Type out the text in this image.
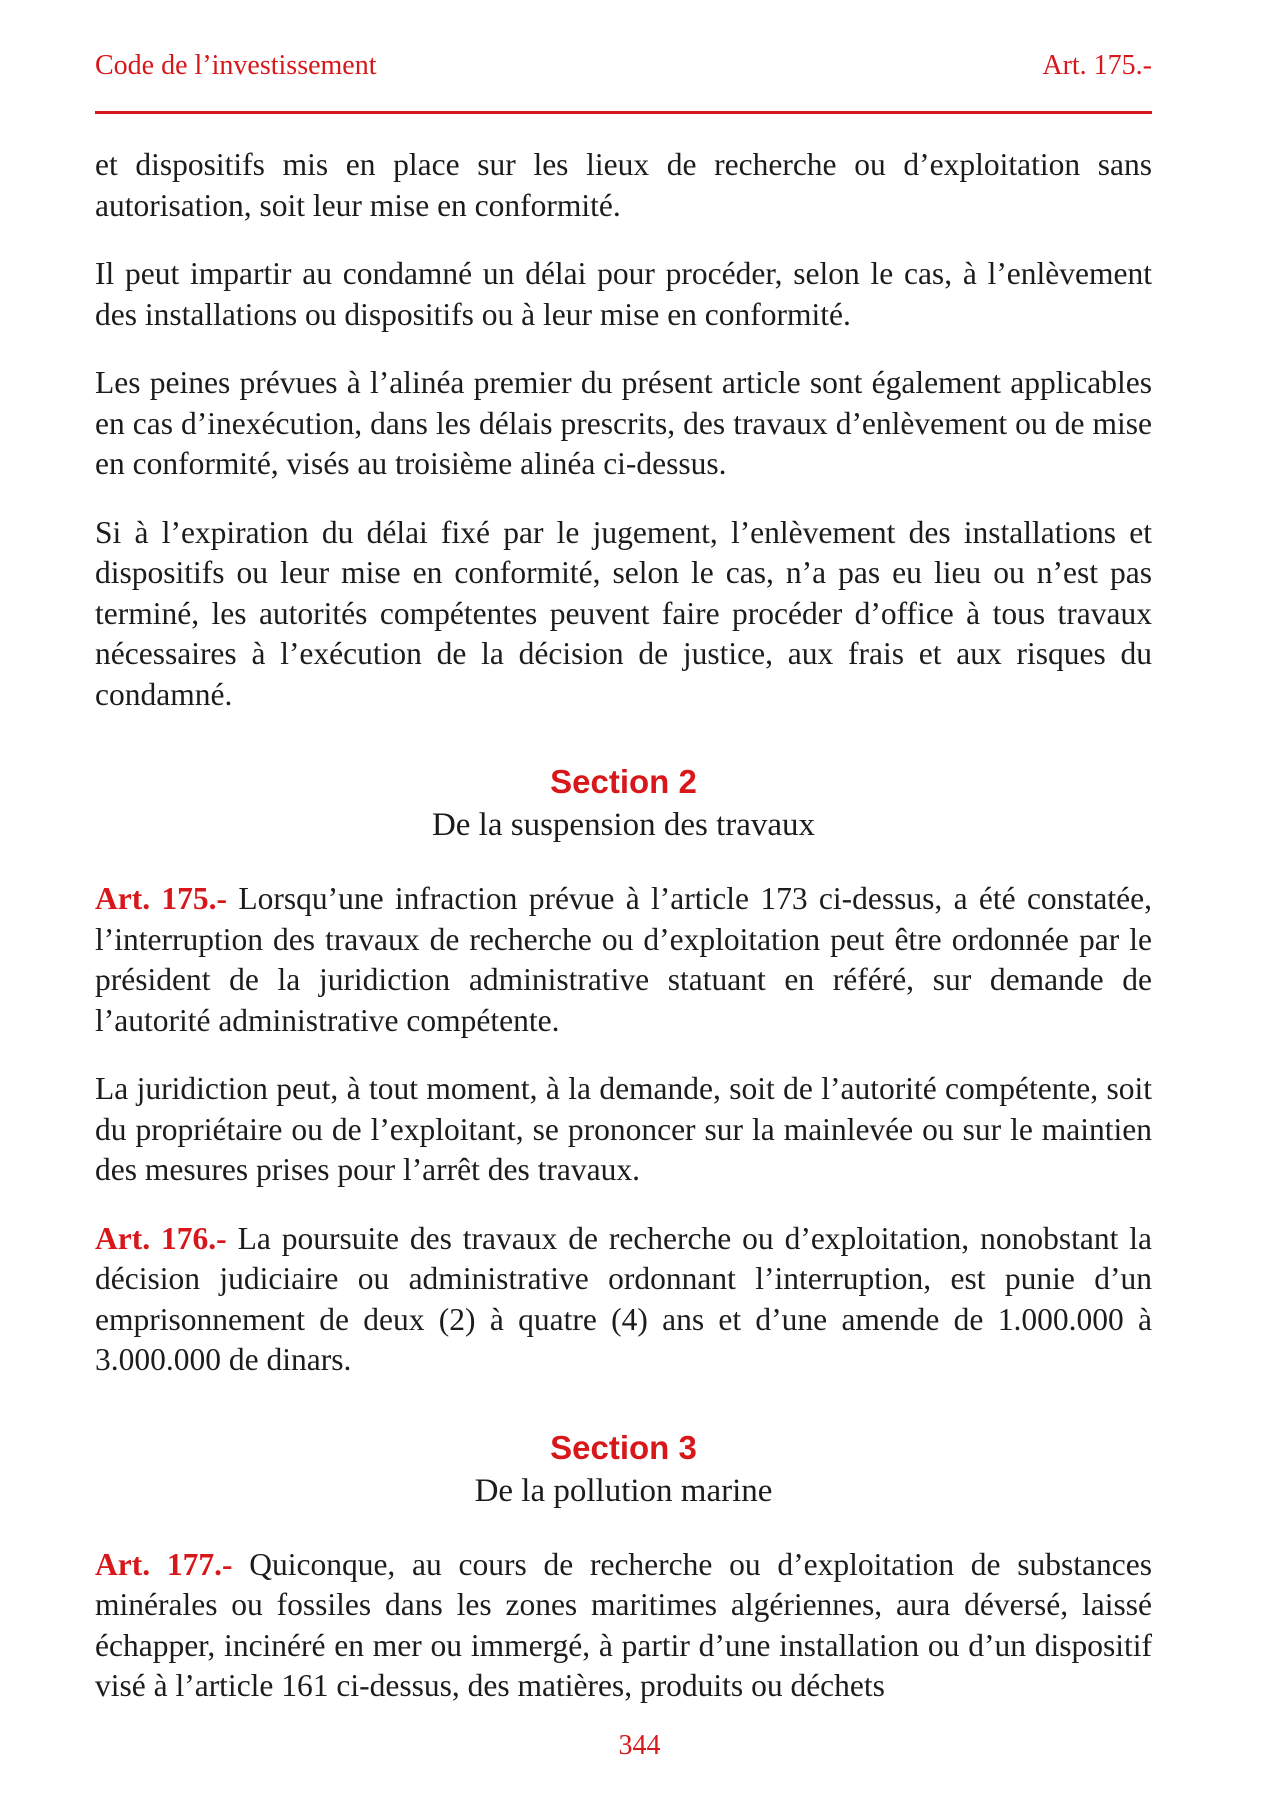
Code de l’investissement	Art. 175.-

et dispositifs mis en place sur les lieux de recherche ou d’exploitation sans autorisation, soit leur mise en conformité.

Il peut impartir au condamné un délai pour procéder, selon le cas, à l’enlèvement des installations ou dispositifs ou à leur mise en conformité.

Les peines prévues à l’alinéa premier du présent article sont également applicables en cas d’inexécution, dans les délais prescrits, des travaux d’enlèvement ou de mise en conformité, visés au troisième alinéa ci-dessus.

Si à l’expiration du délai fixé par le jugement, l’enlèvement des installations et dispositifs ou leur mise en conformité, selon le cas, n’a pas eu lieu ou n’est pas terminé, les autorités compétentes peuvent faire procéder d’office à tous travaux nécessaires à l’exécution de la décision de justice, aux frais et aux risques du condamné.

Section 2
De la suspension des travaux

Art. 175.- Lorsqu’une infraction prévue à l’article 173 ci-dessus, a été constatée, l’interruption des travaux de recherche ou d’exploitation peut être ordonnée par le président de la juridiction administrative statuant en référé, sur demande de l’autorité administrative compétente.

La juridiction peut, à tout moment, à la demande, soit de l’autorité compétente, soit du propriétaire ou de l’exploitant, se prononcer sur la mainlevée ou sur le maintien des mesures prises pour l’arrêt des travaux.

Art. 176.- La poursuite des travaux de recherche ou d’exploitation, nonobstant la décision judiciaire ou administrative ordonnant l’interruption, est punie d’un emprisonnement de deux (2) à quatre (4) ans et d’une amende de 1.000.000 à 3.000.000 de dinars.

Section 3
De la pollution marine

Art. 177.- Quiconque, au cours de recherche ou d’exploitation de substances minérales ou fossiles dans les zones maritimes algériennes, aura déversé, laissé échapper, incinéré en mer ou immergé, à partir d’une installation ou d’un dispositif visé à l’article 161 ci-dessus, des matières, produits ou déchets

344
